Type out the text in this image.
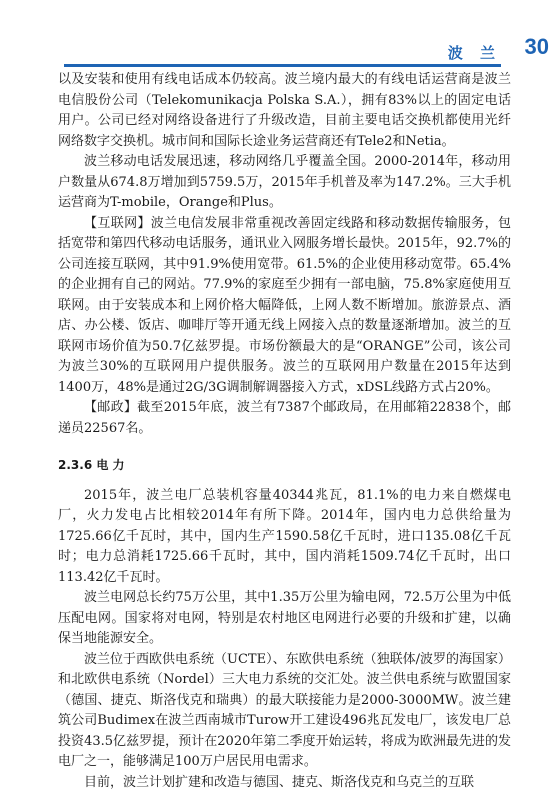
波 兰 30

以及安装和使用有线电话成本仍较高。波兰境内最大的有线电话运营商是波兰电信股份公司（Telekomunikacja Polska S.A.），拥有83%以上的固定电话用户。公司已经对网络设备进行了升级改造，目前主要电话交换机都使用光纤网络数字交换机。城市间和国际长途业务运营商还有Tele2和Netia。

波兰移动电话发展迅速，移动网络几乎覆盖全国。2000-2014年，移动用户数量从674.8万增加到5759.5万，2015年手机普及率为147.2%。三大手机运营商为T-mobile，Orange和Plus。

【互联网】波兰电信发展非常重视改善固定线路和移动数据传输服务，包括宽带和第四代移动电话服务，通讯业入网服务增长最快。2015年，92.7%的公司连接互联网，其中91.9%使用宽带。61.5%的企业使用移动宽带。65.4%的企业拥有自己的网站。77.9%的家庭至少拥有一部电脑，75.8%家庭使用互联网。由于安装成本和上网价格大幅降低，上网人数不断增加。旅游景点、酒店、办公楼、饭店、咖啡厅等开通无线上网接入点的数量逐渐增加。波兰的互联网市场价值为50.7亿兹罗提。市场份额最大的是“ORANGE”公司，该公司为波兰30%的互联网用户提供服务。波兰的互联网用户数量在2015年达到1400万，48%是通过2G/3G调制解调器接入方式，xDSL线路方式占20%。

【邮政】截至2015年底，波兰有7387个邮政局，在用邮箱22838个，邮递员22567名。

2.3.6 电 力

2015年，波兰电厂总装机容量40344兆瓦，81.1%的电力来自燃煤电厂，火力发电占比相较2014年有所下降。2014年，国内电力总供给量为1725.66亿千瓦时，其中，国内生产1590.58亿千瓦时，进口135.08亿千瓦时；电力总消耗1725.66千瓦时，其中，国内消耗1509.74亿千瓦时，出口113.42亿千瓦时。

波兰电网总长约75万公里，其中1.35万公里为输电网，72.5万公里为中低压配电网。国家将对电网，特别是农村地区电网进行必要的升级和扩建，以确保当地能源安全。

波兰位于西欧供电系统（UCTE）、东欧供电系统（独联体/波罗的海国家）和北欧供电系统（Nordel）三大电力系统的交汇处。波兰供电系统与欧盟国家（德国、捷克、斯洛伐克和瑞典）的最大联接能力是2000-3000MW。波兰建筑公司Budimex在波兰西南城市Turow开工建设496兆瓦发电厂，该发电厂总投资43.5亿兹罗提，预计在2020年第二季度开始运转，将成为欧洲最先进的发电厂之一，能够满足100万户居民用电需求。

目前，波兰计划扩建和改造与德国、捷克、斯洛伐克和乌克兰的互联
